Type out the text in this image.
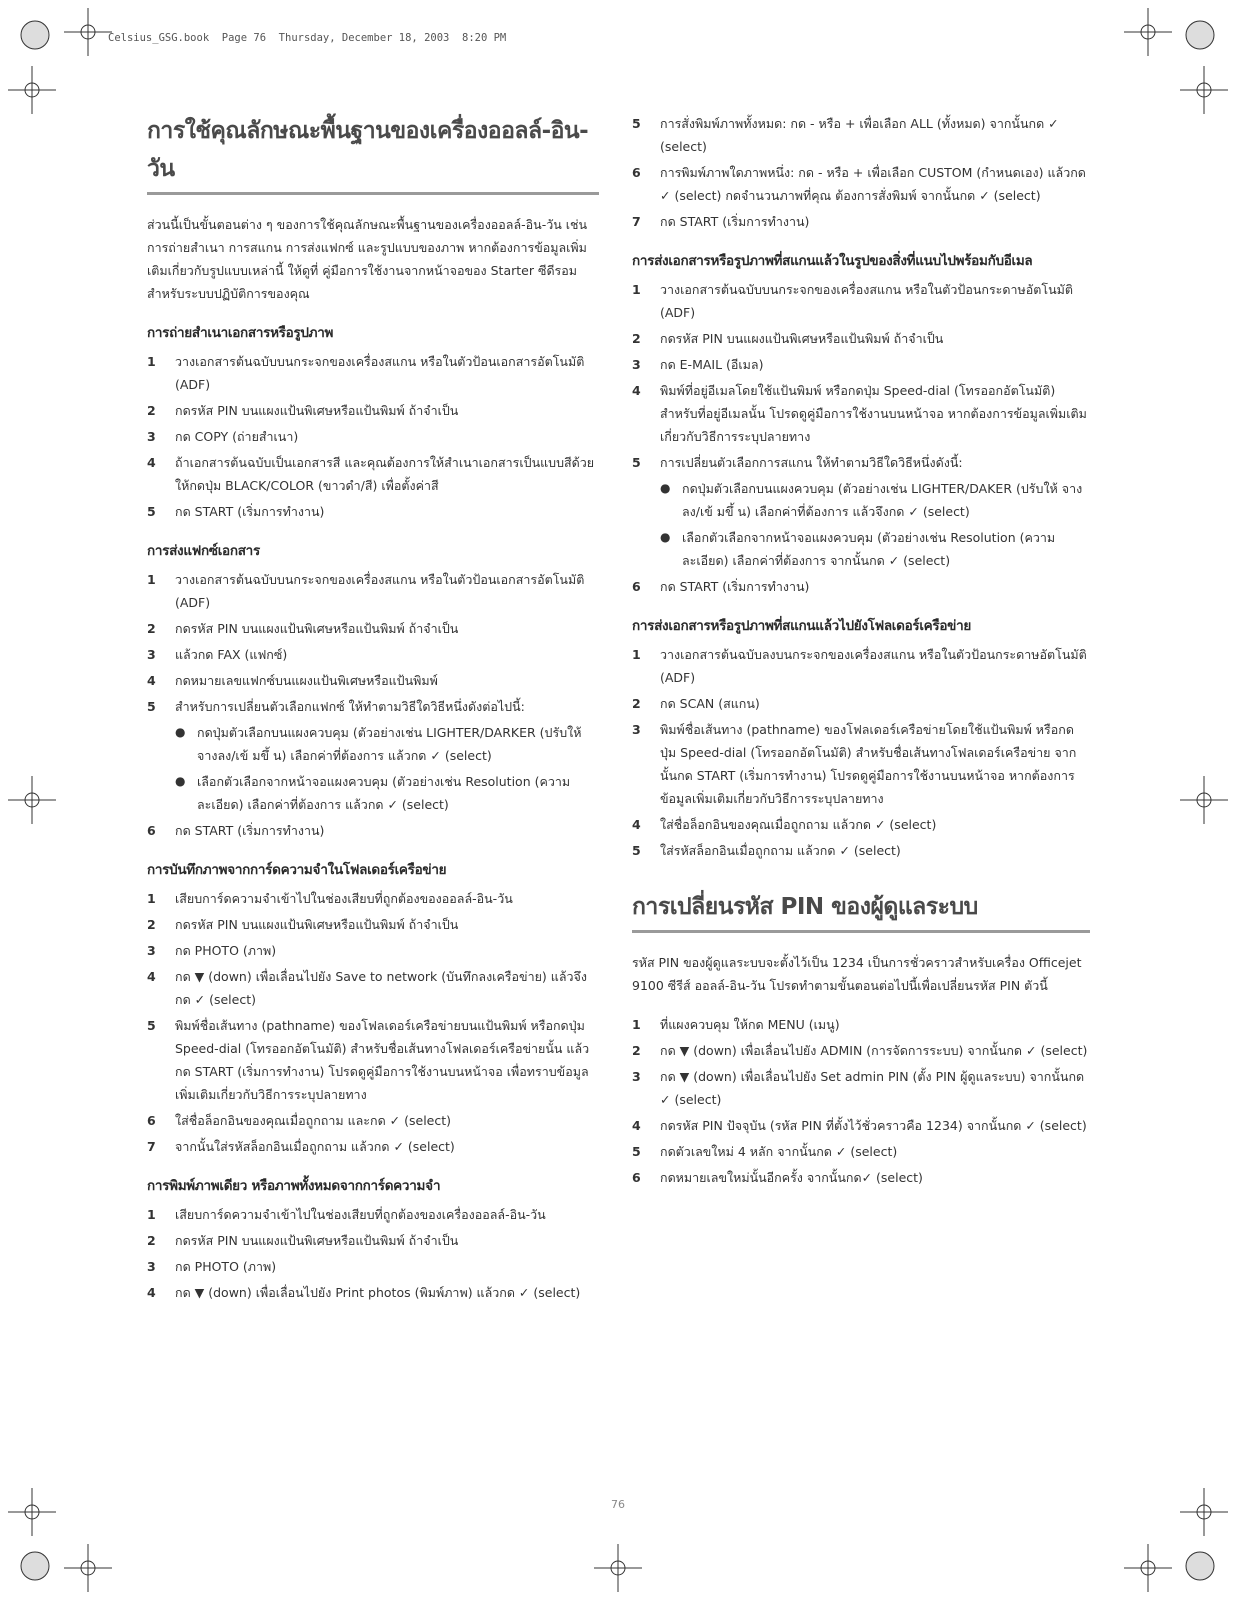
Celsius_GSG.book  Page 76  Thursday, December 18, 2003  8:20 PM
การใช้คุณลักษณะพื้นฐานของเครื่องออลล์-อิน-วัน

ส่วนนี้เป็นขั้นตอนต่าง ๆ ของการใช้คุณลักษณะพื้นฐานของเครื่องออลล์-อิน-วัน เช่น การถ่ายสำเนา การสแกน การส่งแฟกซ์ และรูปแบบของภาพ หากต้องการข้อมูลเพิ่มเติมเกี่ยวกับรูปแบบเหล่านี้ ให้ดูที่ คู่มือการใช้งานจากหน้าจอของ Starter ซีดีรอม สำหรับระบบปฏิบัติการของคุณ

การถ่ายสำเนาเอกสารหรือรูปภาพ
1 วางเอกสารต้นฉบับบนกระจกของเครื่องสแกน หรือในตัวป้อนเอกสารอัตโนมัติ (ADF)
2 กดรหัส PIN บนแผงแป้นพิเศษหรือแป้นพิมพ์ ถ้าจำเป็น
3 กด COPY (ถ่ายสำเนา)
4 ถ้าเอกสารต้นฉบับเป็นเอกสารสี และคุณต้องการให้สำเนาเอกสารเป็นแบบสีด้วย ให้กดปุ่ม BLACK/COLOR (ขาวดำ/สี) เพื่อตั้งค่าสี
5 กด START (เริ่มการทำงาน)
การส่งแฟกซ์เอกสาร
1 วางเอกสารต้นฉบับบนกระจกของเครื่องสแกน หรือในตัวป้อนเอกสารอัตโนมัติ (ADF)
2 กดรหัส PIN บนแผงแป้นพิเศษหรือแป้นพิมพ์ ถ้าจำเป็น
3 แล้วกด FAX (แฟกซ์)
4 กดหมายเลขแฟกซ์บนแผงแป้นพิเศษหรือแป้นพิมพ์
5 สำหรับการเปลี่ยนตัวเลือกแฟกซ์ ให้ทำตามวิธีใดวิธีหนึ่งดังต่อไปนี้:
● กดปุ่มตัวเลือกบนแผงควบคุม (ตัวอย่างเช่น LIGHTER/DARKER (ปรับให้ จางลง/เข้ มขึ้ น) เลือกค่าที่ต้องการ แล้วกด ✓ (select)
● เลือกตัวเลือกจากหน้าจอแผงควบคุม (ตัวอย่างเช่น Resolution (ความละเอียด) เลือกค่าที่ต้องการ แล้วกด ✓ (select)
6 กด START (เริ่มการทำงาน)
การบันทึกภาพจากการ์ดความจำในโฟลเดอร์เครือข่าย
1 เสียบการ์ดความจำเข้าไปในช่องเสียบที่ถูกต้องของออลล์-อิน-วัน
2 กดรหัส PIN บนแผงแป้นพิเศษหรือแป้นพิมพ์ ถ้าจำเป็น
3 กด PHOTO (ภาพ)
4 กด ▼ (down) เพื่อเลื่อนไปยัง Save to network (บันทึกลงเครือข่าย) แล้วจึงกด ✓ (select)
5 พิมพ์ชื่อเส้นทาง (pathname) ของโฟลเดอร์เครือข่ายบนแป้นพิมพ์ หรือกดปุ่ม Speed-dial (โทรออกอัตโนมัติ) สำหรับชื่อเส้นทางโฟลเดอร์เครือข่ายนั้น แล้วกด START (เริ่มการทำงาน) โปรดดูคู่มือการใช้งานบนหน้าจอ เพื่อทราบข้อมูลเพิ่มเติมเกี่ยวกับวิธีการระบุปลายทาง
6 ใส่ชื่อล็อกอินของคุณเมื่อถูกถาม และกด ✓ (select)
7 จากนั้นใส่รหัสล็อกอินเมื่อถูกถาม แล้วกด ✓ (select)
การพิมพ์ภาพเดียว หรือภาพทั้งหมดจากการ์ดความจำ
1 เสียบการ์ดความจำเข้าไปในช่องเสียบที่ถูกต้องของเครื่องออลล์-อิน-วัน
2 กดรหัส PIN บนแผงแป้นพิเศษหรือแป้นพิมพ์ ถ้าจำเป็น
3 กด PHOTO (ภาพ)
4 กด ▼ (down) เพื่อเลื่อนไปยัง Print photos (พิมพ์ภาพ) แล้วกด ✓ (select)
5 การสั่งพิมพ์ภาพทั้งหมด: กด - หรือ + เพื่อเลือก ALL (ทั้งหมด) จากนั้นกด ✓ (select)
6 การพิมพ์ภาพใดภาพหนึ่ง: กด - หรือ + เพื่อเลือก CUSTOM (กำหนดเอง) แล้วกด ✓ (select) กดจำนวนภาพที่คุณ ต้องการสั่งพิมพ์ จากนั้นกด ✓ (select)
7 กด START (เริ่มการทำงาน)
การส่งเอกสารหรือรูปภาพที่สแกนแล้วในรูปของสิ่งที่แนบไปพร้อมกับอีเมล
1 วางเอกสารต้นฉบับบนกระจกของเครื่องสแกน หรือในตัวป้อนกระดาษอัตโนมัติ (ADF)
2 กดรหัส PIN บนแผงแป้นพิเศษหรือแป้นพิมพ์ ถ้าจำเป็น
3 กด E-MAIL (อีเมล)
4 พิมพ์ที่อยู่อีเมลโดยใช้แป้นพิมพ์ หรือกดปุ่ม Speed-dial (โทรออกอัตโนมัติ) สำหรับที่อยู่อีเมลนั้น โปรดดูคู่มือการใช้งานบนหน้าจอ หากต้องการข้อมูลเพิ่มเติมเกี่ยวกับวิธีการระบุปลายทาง
5 การเปลี่ยนตัวเลือกการสแกน ให้ทำตามวิธีใดวิธีหนึ่งดังนี้:
● กดปุ่มตัวเลือกบนแผงควบคุม (ตัวอย่างเช่น LIGHTER/DAKER (ปรับให้ จางลง/เข้ มขึ้ น) เลือกค่าที่ต้องการ แล้วจึงกด ✓ (select)
● เลือกตัวเลือกจากหน้าจอแผงควบคุม (ตัวอย่างเช่น Resolution (ความละเอียด) เลือกค่าที่ต้องการ จากนั้นกด ✓ (select)
6 กด START (เริ่มการทำงาน)
การส่งเอกสารหรือรูปภาพที่สแกนแล้วไปยังโฟลเดอร์เครือข่าย
1 วางเอกสารต้นฉบับลงบนกระจกของเครื่องสแกน หรือในตัวป้อนกระดาษอัตโนมัติ (ADF)
2 กด SCAN (สแกน)
3 พิมพ์ชื่อเส้นทาง (pathname) ของโฟลเดอร์เครือข่ายโดยใช้แป้นพิมพ์ หรือกดปุ่ม Speed-dial (โทรออกอัตโนมัติ) สำหรับชื่อเส้นทางโฟลเดอร์เครือข่าย จากนั้นกด START (เริ่มการทำงาน) โปรดดูคู่มือการใช้งานบนหน้าจอ หากต้องการข้อมูลเพิ่มเติมเกี่ยวกับวิธีการระบุปลายทาง
4 ใส่ชื่อล็อกอินของคุณเมื่อถูกถาม แล้วกด ✓ (select)
5 ใส่รหัสล็อกอินเมื่อถูกถาม แล้วกด ✓ (select)
การเปลี่ยนรหัส PIN ของผู้ดูแลระบบ

รหัส PIN ของผู้ดูแลระบบจะตั้งไว้เป็น 1234 เป็นการชั่วคราวสำหรับเครื่อง Officejet 9100 ซีรีส์ ออลล์-อิน-วัน โปรดทำตามขั้นตอนต่อไปนี้เพื่อเปลี่ยนรหัส PIN ตัวนี้

1 ที่แผงควบคุม ให้กด MENU (เมนู)
2 กด ▼ (down) เพื่อเลื่อนไปยัง ADMIN (การจัดการระบบ) จากนั้นกด ✓ (select)
3 กด ▼ (down) เพื่อเลื่อนไปยัง Set admin PIN (ตั้ง PIN ผู้ดูแลระบบ) จากนั้นกด ✓ (select)
4 กดรหัส PIN ปัจจุบัน (รหัส PIN ที่ตั้งไว้ชั่วคราวคือ 1234) จากนั้นกด ✓ (select)
5 กดตัวเลขใหม่ 4 หลัก จากนั้นกด ✓ (select)
6 กดหมายเลขใหม่นั้นอีกครั้ง จากนั้นกด✓ (select)
76
